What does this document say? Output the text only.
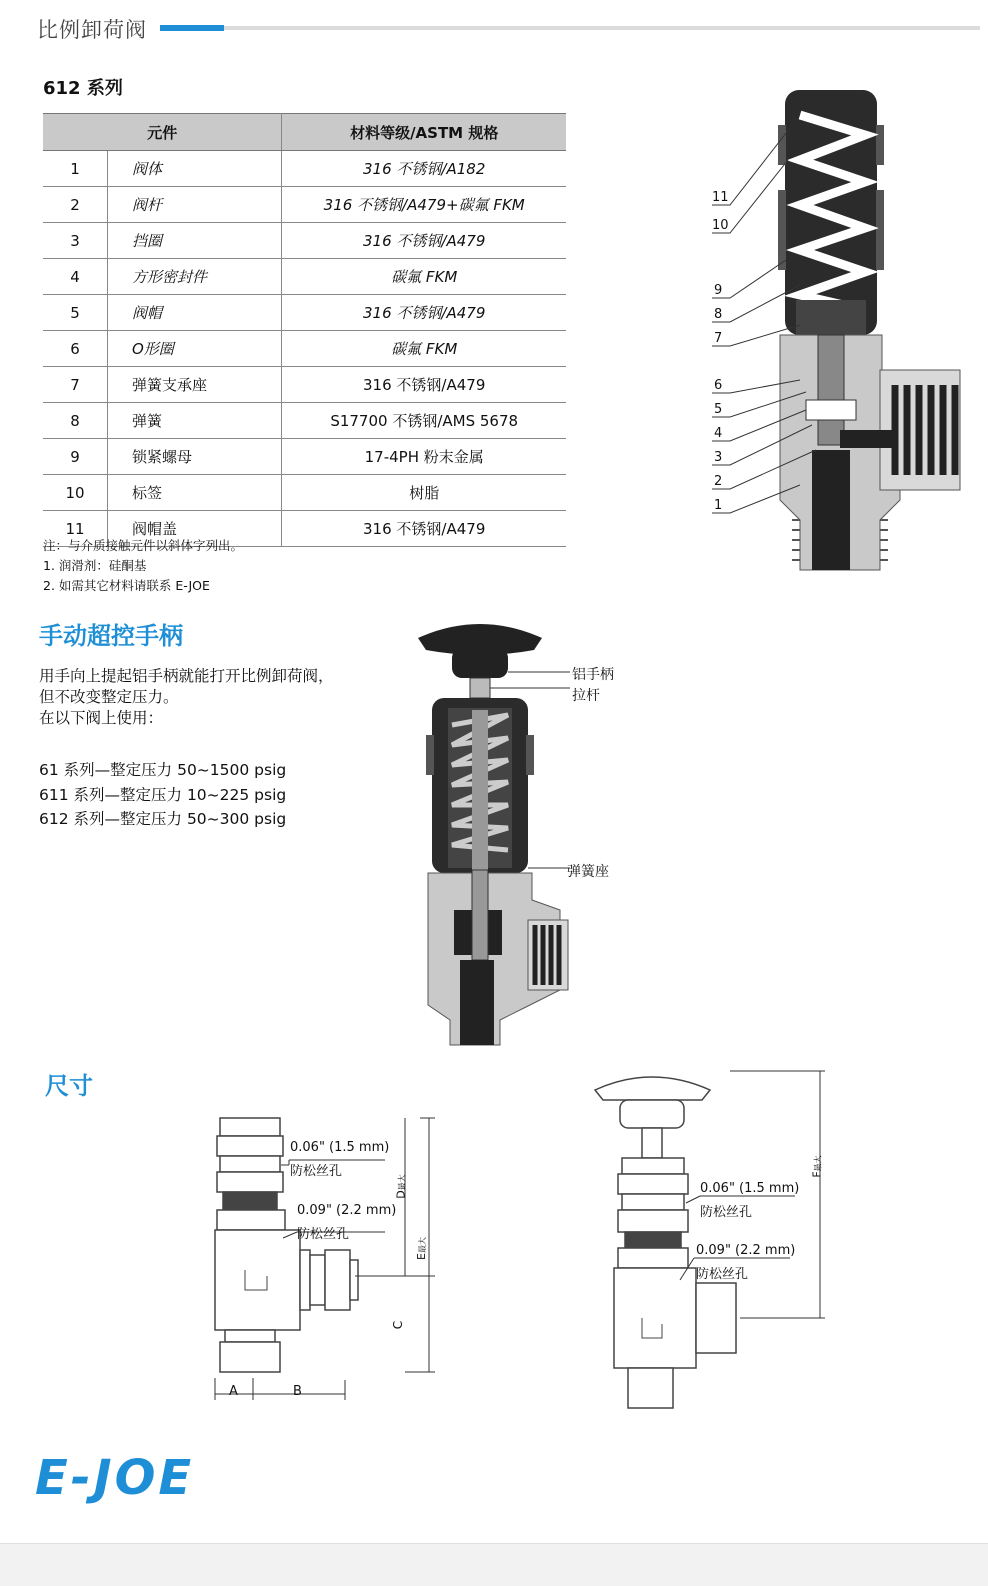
比例卸荷阀
612 系列
元件		材料等级/ASTM 规格
1	阀体	316 不锈钢/A182
2	阀杆	316 不锈钢/A479+碳氟 FKM
3	挡圈	316 不锈钢/A479
4	方形密封件	碳氟 FKM
5	阀帽	316 不锈钢/A479
6	O形圈	碳氟 FKM
7	弹簧支承座	316 不锈钢/A479
8	弹簧	S17700 不锈钢/AMS 5678
9	锁紧螺母	17-4PH 粉末金属
10	标签	树脂
11	阀帽盖	316 不锈钢/A479
注：与介质接触元件以斜体字列出。
1. 润滑剂：硅酮基
2. 如需其它材料请联系 E-JOE
11
10
9
8
7
6
5
4
3
2
1
手动超控手柄
用手向上提起铝手柄就能打开比例卸荷阀，
但不改变整定压力。
在以下阀上使用：
61 系列—整定压力 50~1500 psig
611 系列—整定压力 10~225 psig
612 系列—整定压力 50~300 psig
铝手柄
拉杆
弹簧座
尺寸
0.06" (1.5 mm)
防松丝孔
0.09" (2.2 mm)
防松丝孔
D最大
E最大
C
A	B
0.06" (1.5 mm)
防松丝孔
0.09" (2.2 mm)
防松丝孔
F最大
E-JOE
